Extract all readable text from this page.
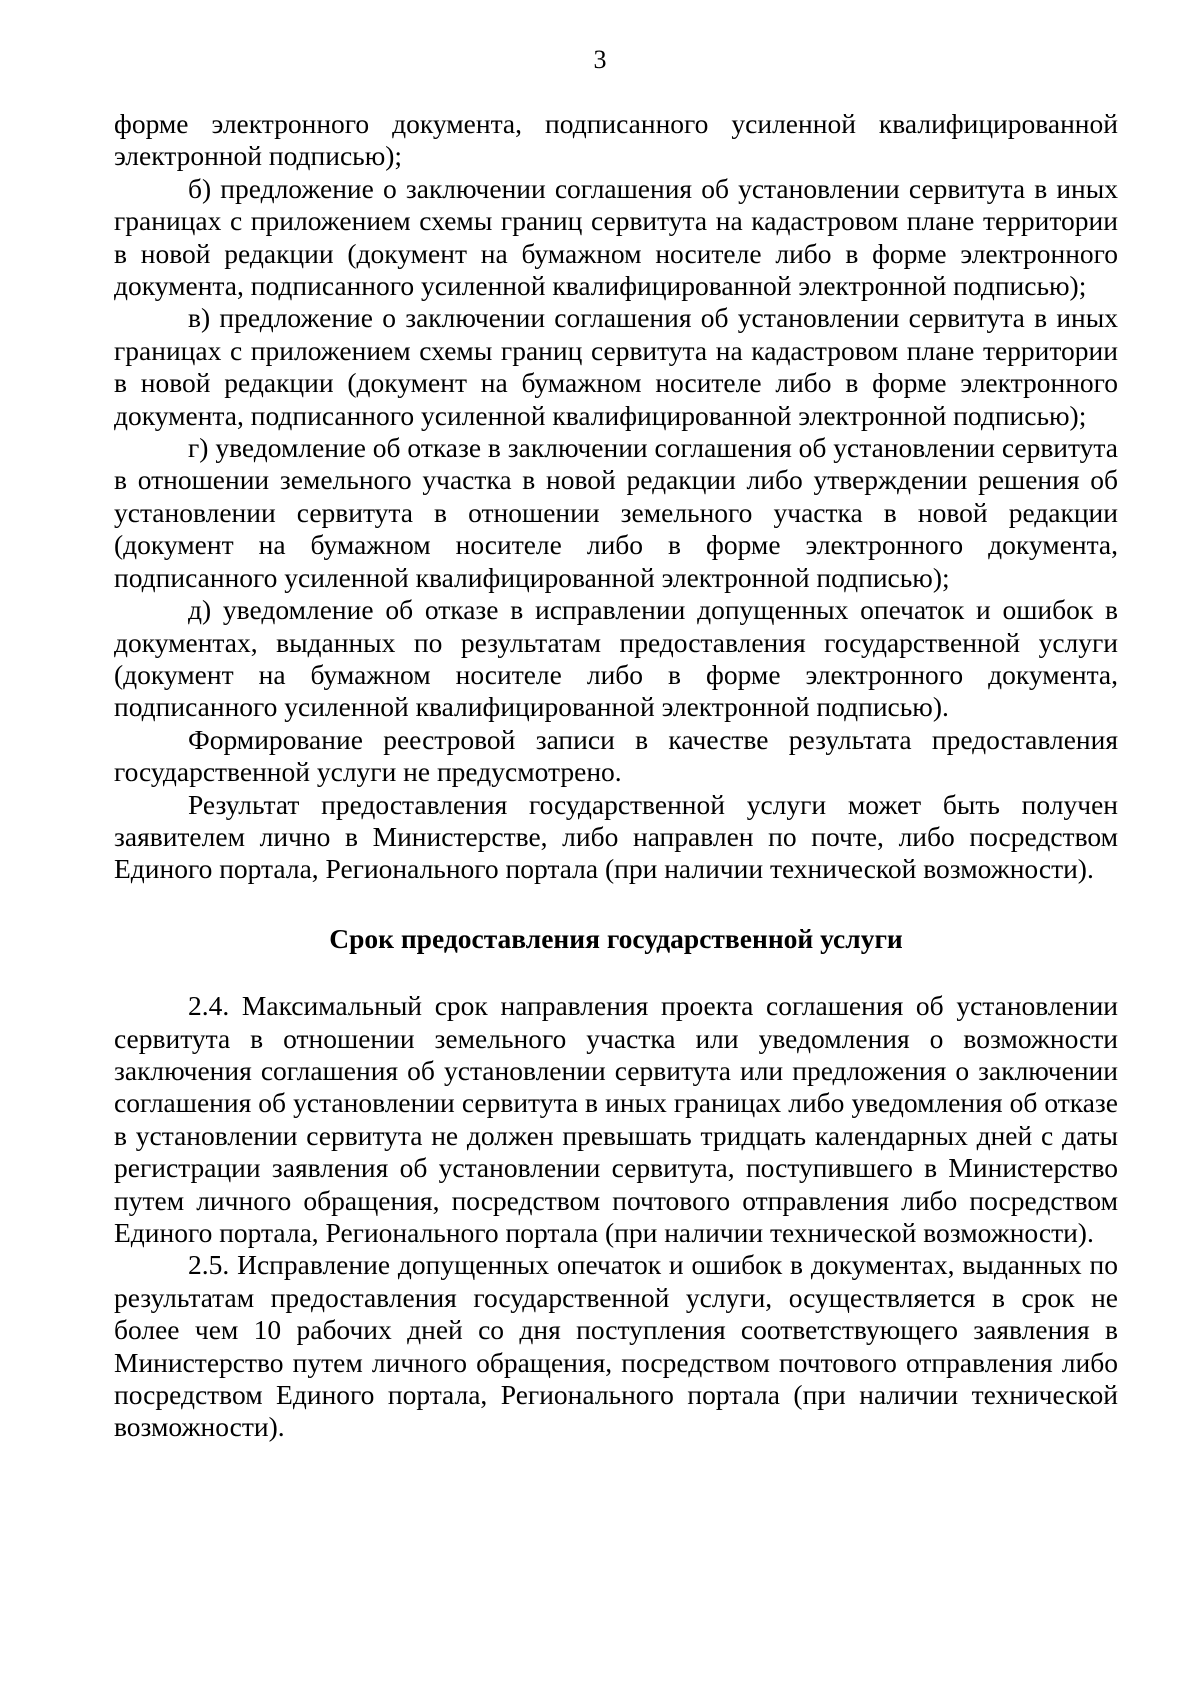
3

форме электронного документа, подписанного усиленной квалифицированной электронной подписью);

б) предложение о заключении соглашения об установлении сервитута в иных границах с приложением схемы границ сервитута на кадастровом плане территории в новой редакции (документ на бумажном носителе либо в форме электронного документа, подписанного усиленной квалифицированной электронной подписью);

в) предложение о заключении соглашения об установлении сервитута в иных границах с приложением схемы границ сервитута на кадастровом плане территории в новой редакции (документ на бумажном носителе либо в форме электронного документа, подписанного усиленной квалифицированной электронной подписью);

г) уведомление об отказе в заключении соглашения об установлении сервитута в отношении земельного участка в новой редакции либо утверждении решения об установлении сервитута в отношении земельного участка в новой редакции (документ на бумажном носителе либо в форме электронного документа, подписанного усиленной квалифицированной электронной подписью);

д) уведомление об отказе в исправлении допущенных опечаток и ошибок в документах, выданных по результатам предоставления государственной услуги (документ на бумажном носителе либо в форме электронного документа, подписанного усиленной квалифицированной электронной подписью).

Формирование реестровой записи в качестве результата предоставления государственной услуги не предусмотрено.

Результат предоставления государственной услуги может быть получен заявителем лично в Министерстве, либо направлен по почте, либо посредством Единого портала, Регионального портала (при наличии технической возможности).

Срок предоставления государственной услуги

2.4. Максимальный срок направления проекта соглашения об установлении сервитута в отношении земельного участка или уведомления о возможности заключения соглашения об установлении сервитута или предложения о заключении соглашения об установлении сервитута в иных границах либо уведомления об отказе в установлении сервитута не должен превышать тридцать календарных дней с даты регистрации заявления об установлении сервитута, поступившего в Министерство путем личного обращения, посредством почтового отправления либо посредством Единого портала, Регионального портала (при наличии технической возможности).

2.5. Исправление допущенных опечаток и ошибок в документах, выданных по результатам предоставления государственной услуги, осуществляется в срок не более чем 10 рабочих дней со дня поступления соответствующего заявления в Министерство путем личного обращения, посредством почтового отправления либо посредством Единого портала, Регионального портала (при наличии технической возможности).
